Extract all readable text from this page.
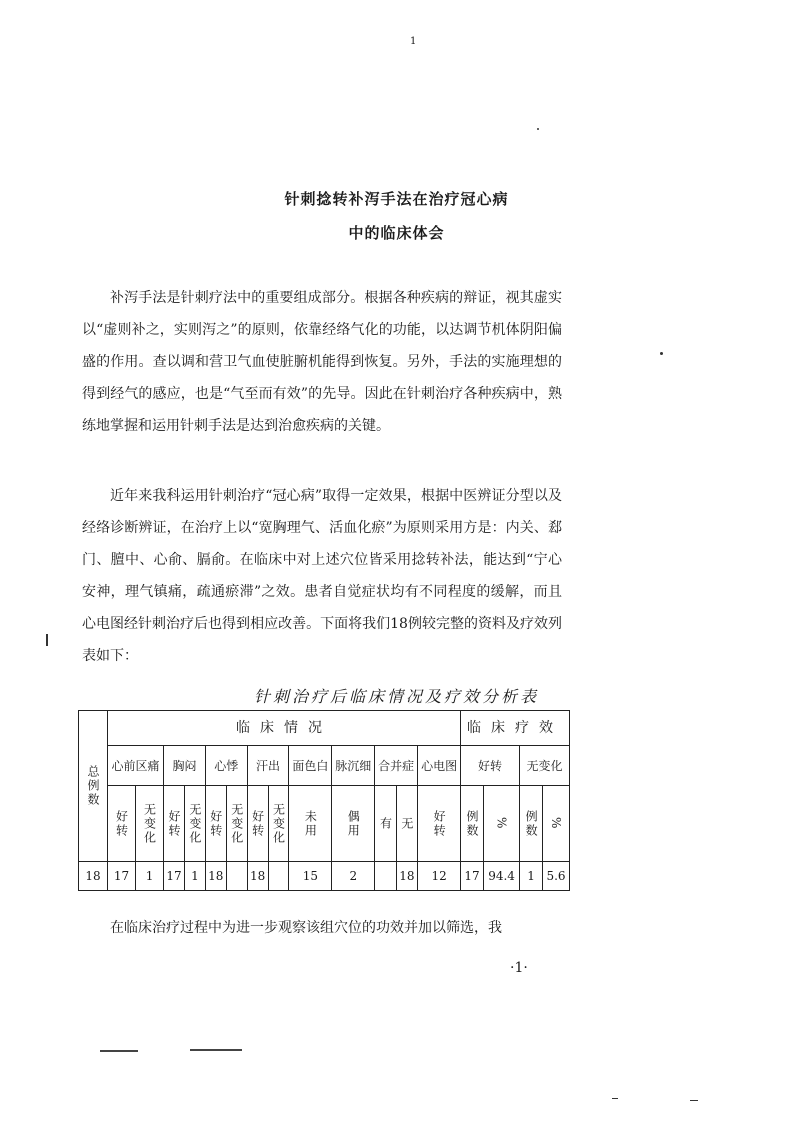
1
针刺捻转补泻手法在治疗冠心病
中的临床体会
补泻手法是针刺疗法中的重要组成部分。根据各种疾病的辩证，视其虚实以“虚则补之，实则泻之”的原则，依靠经络气化的功能，以达调节机体阴阳偏盛的作用。查以调和营卫气血使脏腑机能得到恢复。另外，手法的实施理想的得到经气的感应，也是“气至而有效”的先导。因此在针刺治疗各种疾病中，熟练地掌握和运用针刺手法是达到治愈疾病的关键。
近年来我科运用针刺治疗“冠心病”取得一定效果，根据中医辨证分型以及经络诊断辨证，在治疗上以“宽胸理气、活血化瘀”为原则采用方是：内关、郄门、膻中、心俞、膈俞。在临床中对上述穴位皆采用捻转补法，能达到“宁心安神，理气镇痛，疏通瘀滞”之效。患者自觉症状均有不同程度的缓解，而且心电图经针刺治疗后也得到相应改善。下面将我们18例较完整的资料及疗效列表如下：
针刺治疗后临床情况及疗效分析表
总例数	临床情况													临床疗效			
	心前区痛		胸闷		心悸		汗出		面色白	脉沉细	合并症		心电图	好转		无变化	

	好转	无变化	好转	无变化	好转	无变化	好转	无变化	未用	偶用	有	无	好转	例数	%	例数	%

18	17	1	17	1	18		18		15	2		18	12	17	94.4	1	5.6
在临床治疗过程中为进一步观察该组穴位的功效并加以筛选，我
·1·
